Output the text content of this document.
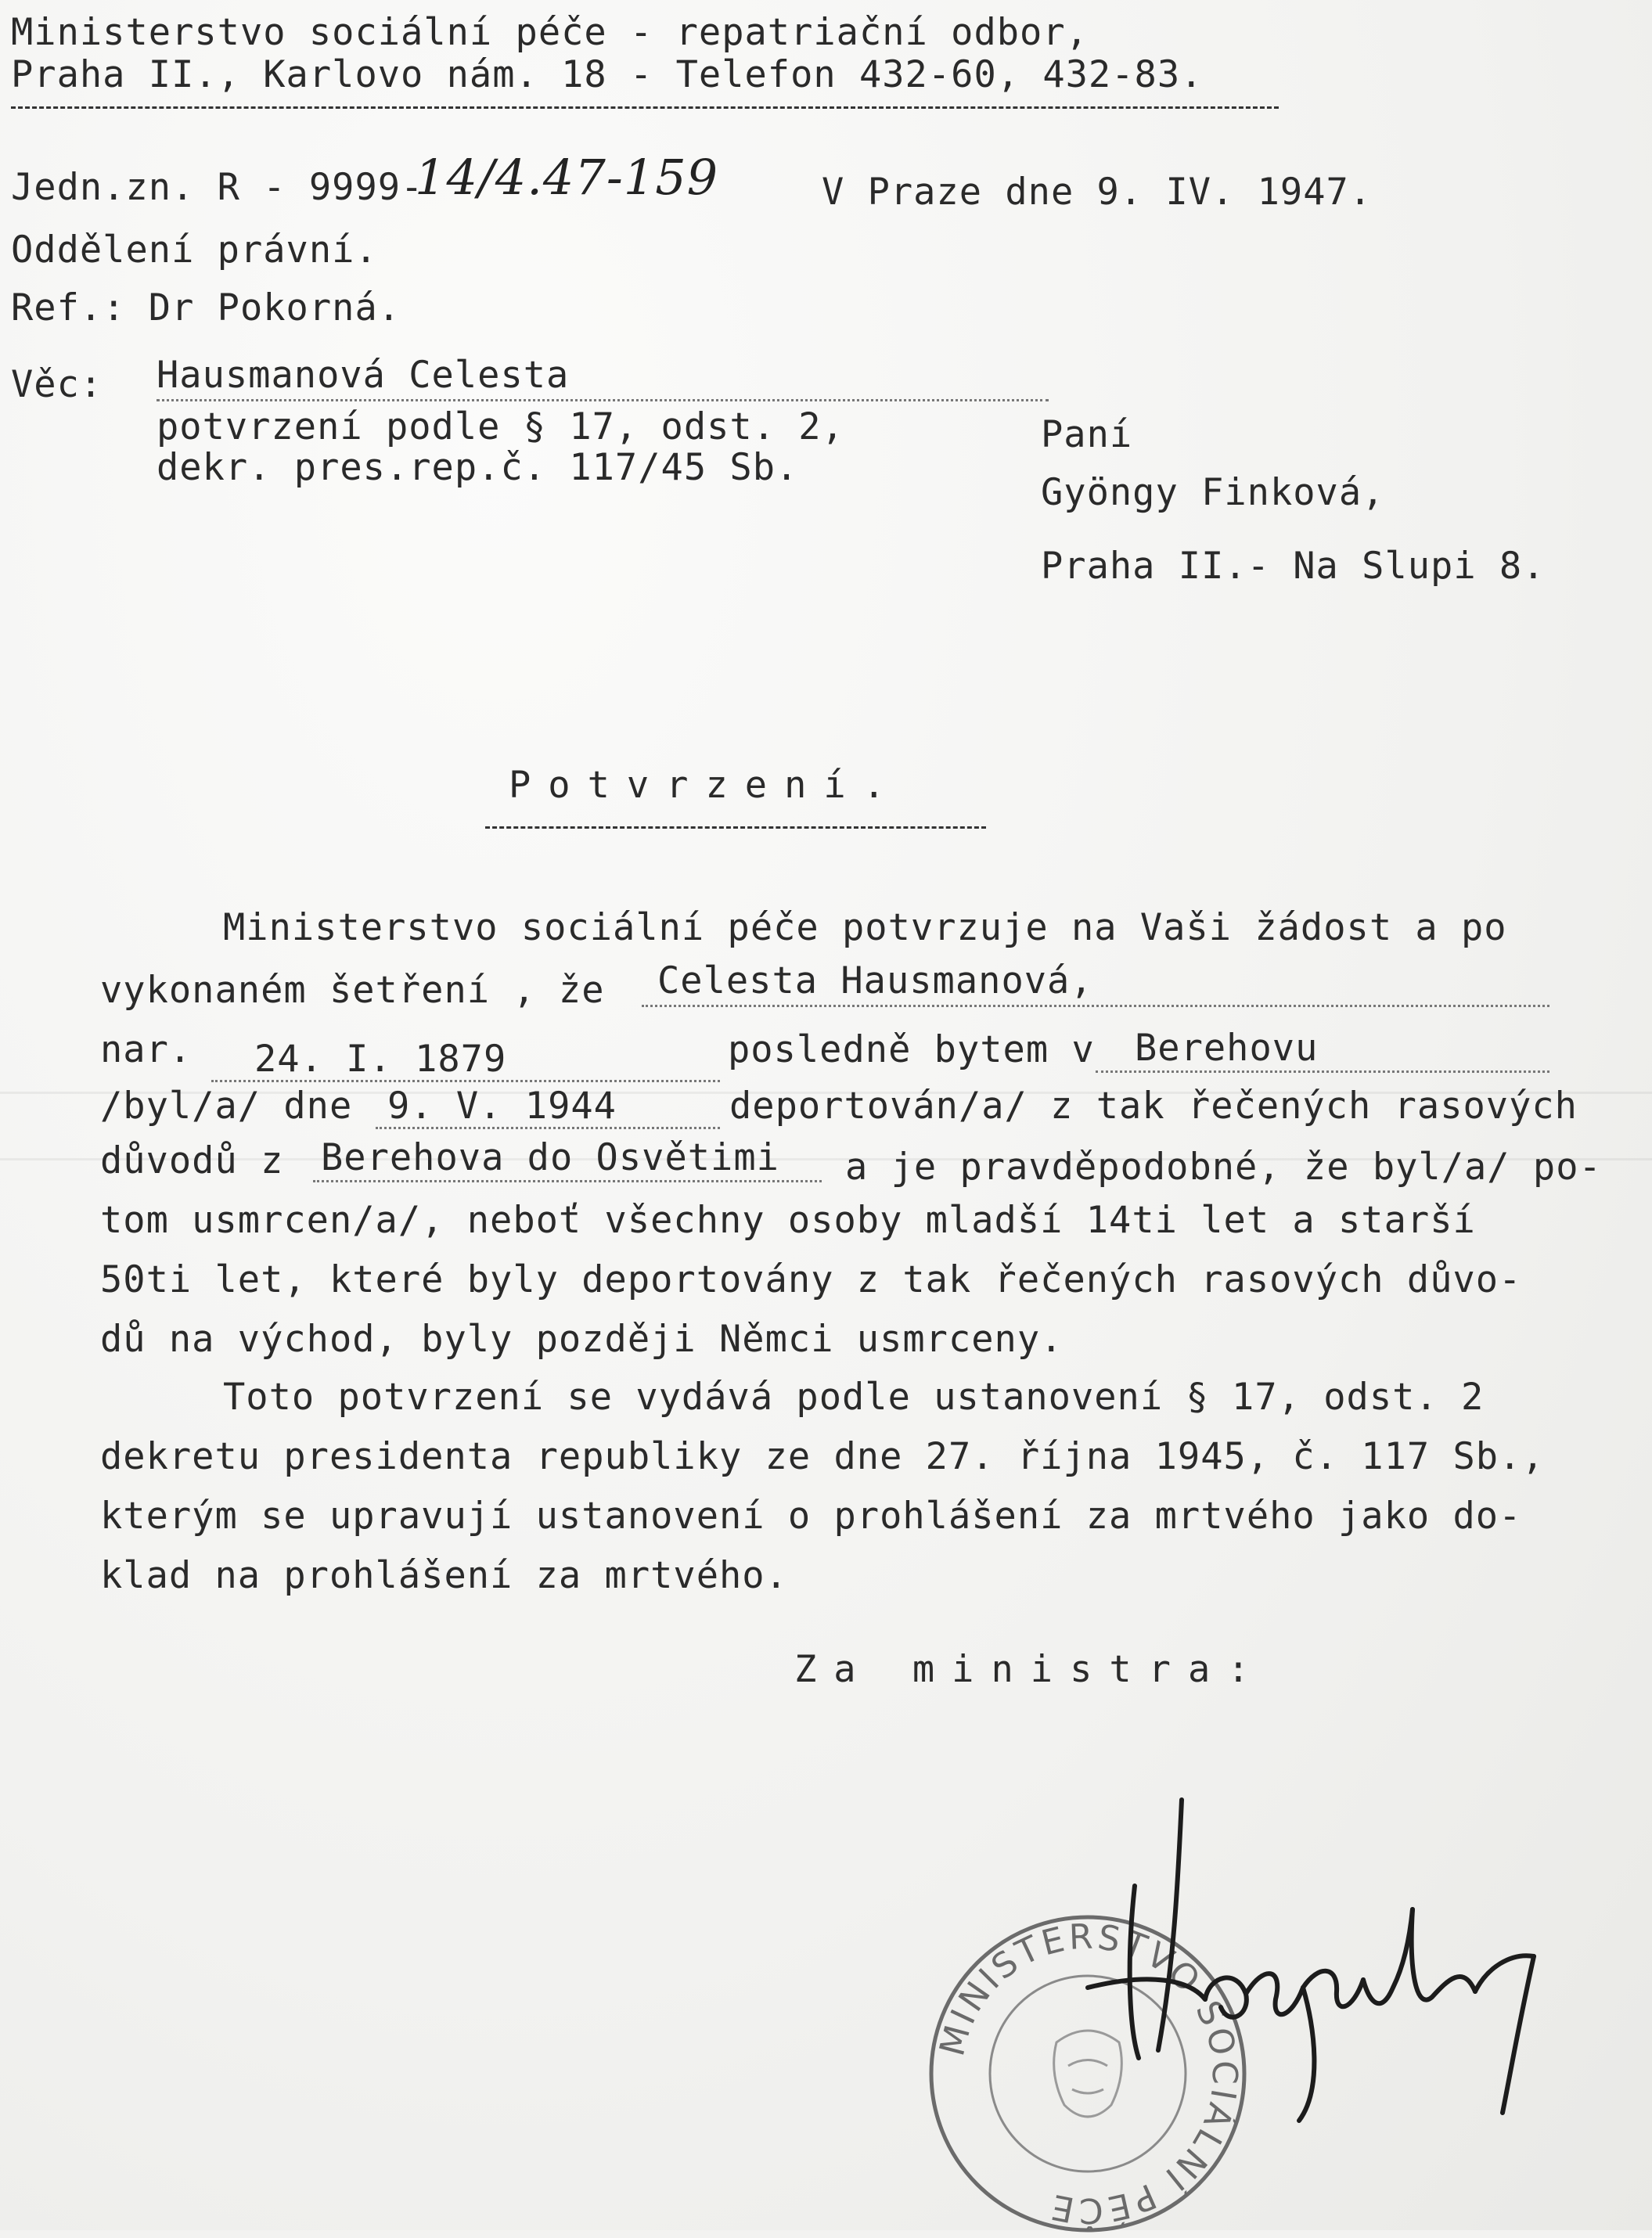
Ministerstvo sociální péče - repatriační odbor,
Praha II., Karlovo nám. 18 - Telefon 432-60, 432-83.
Jedn.zn. R - 9999-
14/4.47-159	V Praze dne 9. IV. 1947.
Oddělení právní.
Ref.: Dr Pokorná.
Věc: Hausmanová Celesta
potvrzení podle § 17, odst. 2,
dekr. pres.rep.č. 117/45 Sb.
Paní
Gyöngy Finková,
Praha II.- Na Slupi 8.
Potvrzení.
Ministerstvo sociální péče potvrzuje na Vaši žádost a po
vykonaném šetření , že Celesta Hausmanová,
nar. 24. I. 1879	posledně bytem v Berehovu
/byl/a/ dne 9. V. 1944	deportován/a/ z tak řečených rasových
důvodů z Berehova do Osvětimi a je pravděpodobné, že byl/a/ po-
tom usmrcen/a/, neboť všechny osoby mladší 14ti let a starší
50ti let, které byly deportovány z tak řečených rasových důvo-
dů na východ, byly později Němci usmrceny.
Toto potvrzení se vydává podle ustanovení § 17, odst. 2
dekretu presidenta republiky ze dne 27. října 1945, č. 117 Sb.,
kterým se upravují ustanovení o prohlášení za mrtvého jako do-
klad na prohlášení za mrtvého.
Za ministra:
MINISTERSTVO SOCIÁLNÍ PÉČE
